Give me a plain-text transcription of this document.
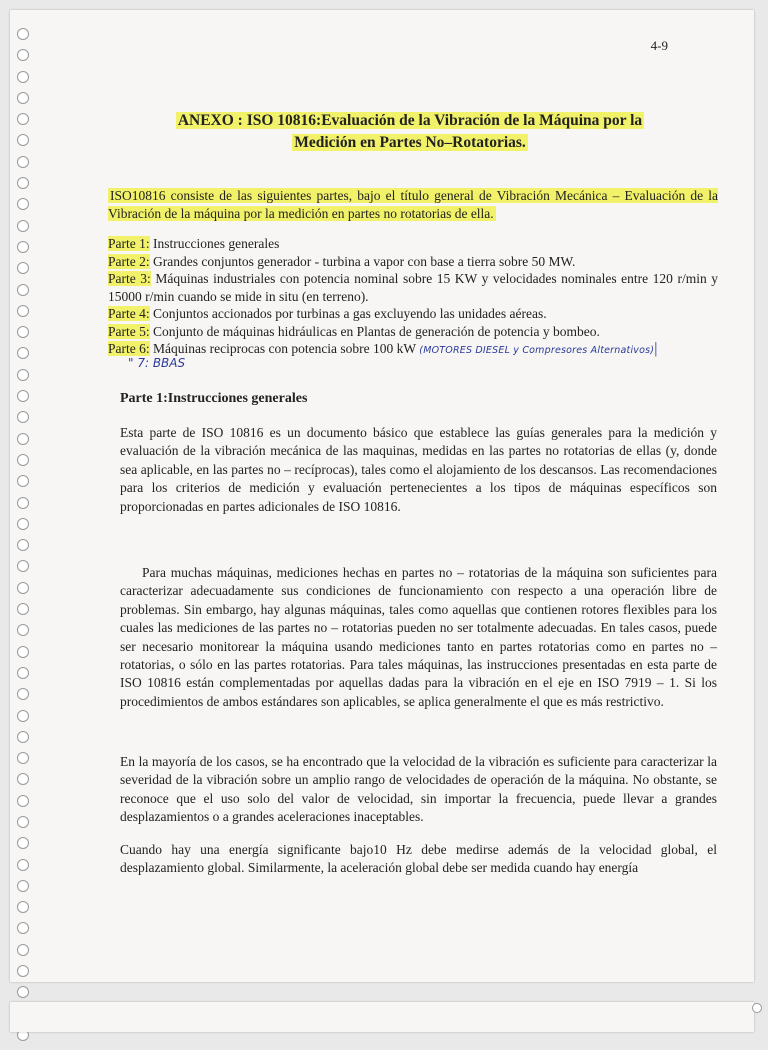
4-9
ANEXO : ISO 10816:Evaluación de la Vibración de la Máquina por la
Medición en Partes No–Rotatorias.
ISO10816 consiste de las siguientes partes, bajo el título general de Vibración Mecánica – Evaluación de la Vibración de la máquina por la medición en partes no rotatorias de ella.
Parte 1: Instrucciones generales
Parte 2: Grandes conjuntos generador - turbina a vapor con base a tierra sobre 50 MW.
Parte 3: Máquinas industriales con potencia nominal sobre 15 KW y velocidades nominales entre 120 r/min y 15000 r/min cuando se mide in situ (en terreno).
Parte 4: Conjuntos accionados por turbinas a gas excluyendo las unidades aéreas.
Parte 5: Conjunto de máquinas hidráulicas en Plantas de generación de potencia y bombeo.
Parte 6: Máquinas reciprocas con potencia sobre 100 kW (MOTORES DIESEL y Compresores Alternativos)|
" 7: BBAS
Parte 1:Instrucciones generales
Esta parte de ISO 10816 es un documento básico que establece las guías generales para la medición y evaluación de la vibración mecánica de las maquinas, medidas en las partes no rotatorias de ellas (y, donde sea aplicable, en las partes no – recíprocas), tales como el alojamiento de los descansos. Las recomendaciones para los criterios de medición y evaluación pertenecientes a los tipos de máquinas específicos son proporcionadas en partes adicionales de ISO 10816.
Para muchas máquinas, mediciones hechas en partes no – rotatorias de la máquina son suficientes para caracterizar adecuadamente sus condiciones de funcionamiento con respecto a una operación libre de problemas. Sin embargo, hay algunas máquinas, tales como aquellas que contienen rotores flexibles para los cuales las mediciones de las partes no – rotatorias pueden no ser totalmente adecuadas. En tales casos, puede ser necesario monitorear la máquina usando mediciones tanto en partes rotatorias como en partes no – rotatorias, o sólo en las partes rotatorias. Para tales máquinas, las instrucciones presentadas en esta parte de ISO 10816 están complementadas por aquellas dadas para la vibración en el eje en ISO 7919 – 1. Si los procedimientos de ambos estándares son aplicables, se aplica generalmente el que es más restrictivo.
En la mayoría de los casos, se ha encontrado que la velocidad de la vibración es suficiente para caracterizar la severidad de la vibración sobre un amplio rango de velocidades de operación de la máquina. No obstante, se reconoce que el uso solo del valor de velocidad, sin importar la frecuencia, puede llevar a grandes desplazamientos o a grandes aceleraciones inaceptables.
Cuando hay una energía significante bajo10 Hz debe medirse además de la velocidad global, el desplazamiento global. Similarmente, la aceleración global debe ser medida cuando hay energía
